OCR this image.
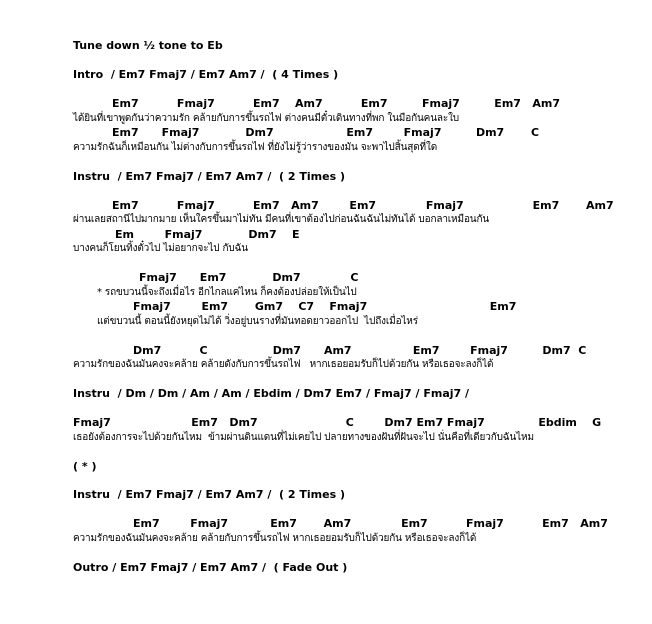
Tune down ½ tone to Eb
Intro  / Em7 Fmaj7 / Em7 Am7 /  ( 4 Times )
Em7          Fmaj7          Em7    Am7          Em7         Fmaj7         Em7   Am7
ได้ยินที่เขาพูดกันว่าความรัก คล้ายกับการขึ้นรถไฟ ต่างคนมีตั๋วเดินทางที่พก ในมือกันคนละใบ
Em7      Fmaj7            Dm7                   Em7        Fmaj7         Dm7       C
ความรักฉันก็เหมือนกัน ไม่ต่างกับการขึ้นรถไฟ ที่ยังไม่รู้ว่ารางของมัน จะพาไปสิ้นสุดที่ใด
Instru  / Em7 Fmaj7 / Em7 Am7 /  ( 2 Times )
Em7          Fmaj7          Em7   Am7        Em7             Fmaj7                  Em7       Am7
ผ่านเลยสถานีไปมากมาย เห็นใครขึ้นมาไม่ทัน มีคนที่เขาต้องไปก่อนฉันฉันไม่ทันได้ บอกลาเหมือนกัน
Em        Fmaj7            Dm7    E
บางคนก็โยนทิ้งตั๋วไป ไม่อยากจะไป กับฉัน
Fmaj7      Em7            Dm7             C
* รถขบวนนี้จะถึงเมื่อไร อีกไกลแค่ไหน ก็คงต้องปล่อยให้เป็นไป
Fmaj7        Em7       Gm7    C7    Fmaj7                                Em7
แต่ขบวนนี้ ตอนนี้ยังหยุดไม่ได้ วิ่งอยู่บนรางที่มันทอดยาวออกไป  ไปถึงเมื่อไหร่
Dm7          C                 Dm7      Am7                Em7        Fmaj7         Dm7  C
ความรักของฉันมันคงจะคล้าย คล้ายดังกับการขึ้นรถไฟ   หากเธอยอมรับก็ไปด้วยกัน หรือเธอจะลงก็ได้
Instru  / Dm / Dm / Am / Am / Ebdim / Dm7 Em7 / Fmaj7 / Fmaj7 /
Fmaj7                     Em7   Dm7                       C        Dm7 Em7 Fmaj7              Ebdim    G
เธอยังต้องการจะไปด้วยกันไหม  ข้ามผ่านดินแดนที่ไม่เคยไป ปลายทางของฝันที่ฝันจะไป นั่นคือที่เดียวกับฉันไหม
( * )
Instru  / Em7 Fmaj7 / Em7 Am7 /  ( 2 Times )
Em7        Fmaj7           Em7       Am7             Em7          Fmaj7          Em7   Am7
ความรักของฉันมันคงจะคล้าย คล้ายกับการขึ้นรถไฟ หากเธอยอมรับก็ไปด้วยกัน หรือเธอจะลงก็ได้
Outro / Em7 Fmaj7 / Em7 Am7 /  ( Fade Out )
